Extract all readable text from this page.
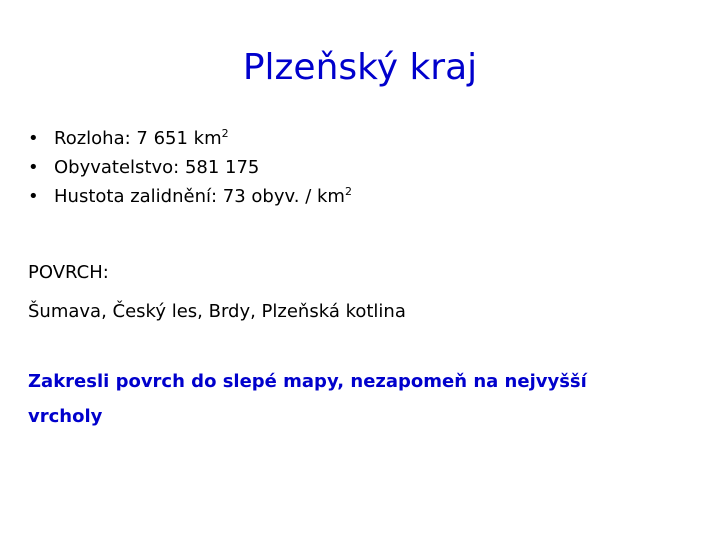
Plzeňský kraj
• Rozloha: 7 651 $km^2$
• Obyvatelstvo: 581 175
• Hustota zalidnění: 73 obyv. / $km^2$
POVRCH:
Šumava, Český les, Brdy, Plzeňská kotlina
Zakresli povrch do slepé mapy, nezapomeň na nejvyšší vrcholy
